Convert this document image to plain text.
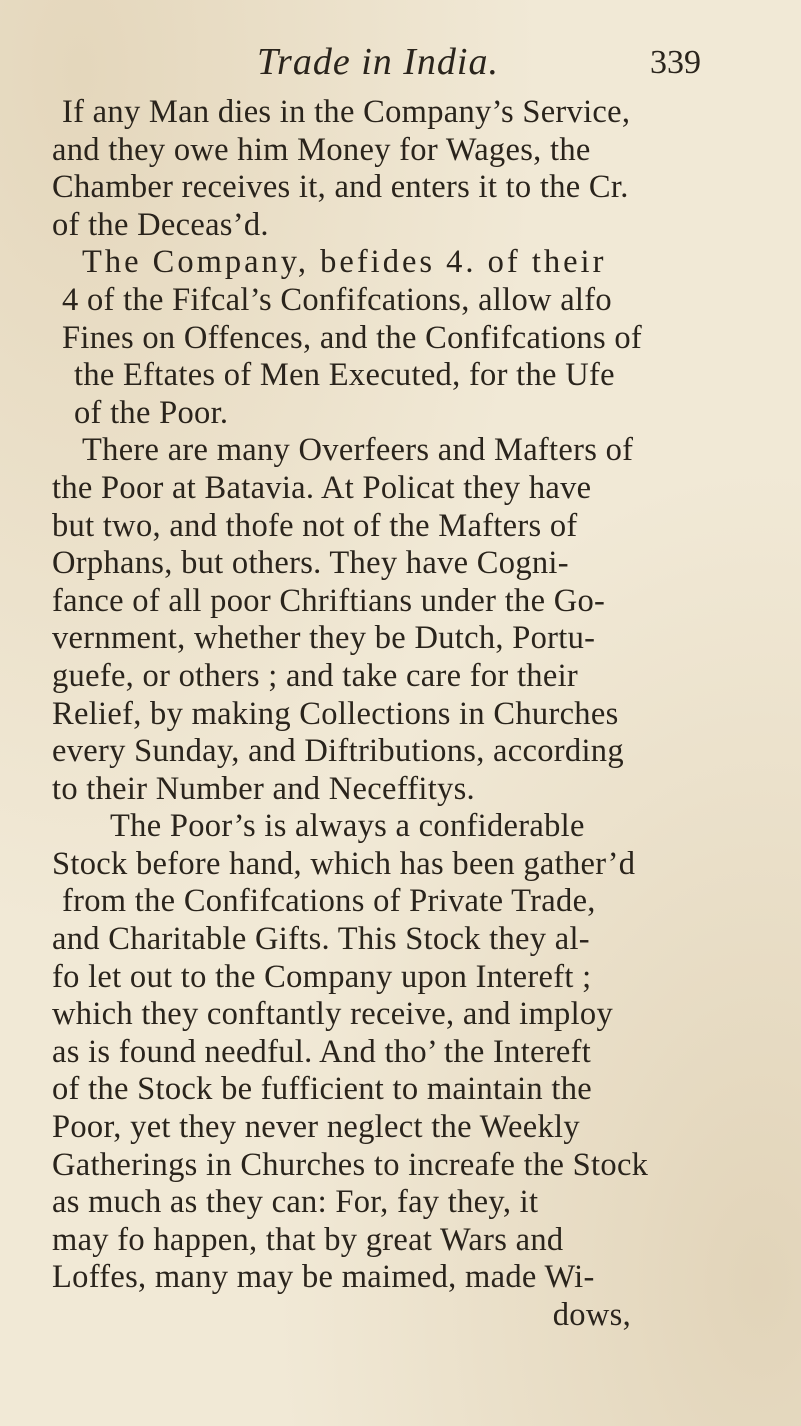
Trade in India.	339
If any Man dies in the Company’s Service,
and they owe him Money for Wages, the
Chamber receives it, and enters it to the Cr.
of the Deceas’d.
The Company, befides 4. of their
4 of the Fifcal’s Confifcations, allow alfo
Fines on Offences, and the Confifcations of
the Eftates of Men Executed, for the Ufe
of the Poor.
There are many Overfeers and Mafters of
the Poor at Batavia. At Policat they have
but two, and thofe not of the Mafters of
Orphans, but others. They have Cogni-
fance of all poor Chriftians under the Go-
vernment, whether they be Dutch, Portu-
guefe, or others ; and take care for their
Relief, by making Collections in Churches
every Sunday, and Diftributions, according
to their Number and Neceffitys.
The Poor’s is always a confiderable
Stock before hand, which has been gather’d
from the Confifcations of Private Trade,
and Charitable Gifts. This Stock they al-
fo let out to the Company upon Intereft ;
which they conftantly receive, and imploy
as is found needful. And tho’ the Intereft
of the Stock be fufficient to maintain the
Poor, yet they never neglect the Weekly
Gatherings in Churches to increafe the Stock
as much as they can: For, fay they, it
may fo happen, that by great Wars and
Loffes, many may be maimed, made Wi-
dows,
